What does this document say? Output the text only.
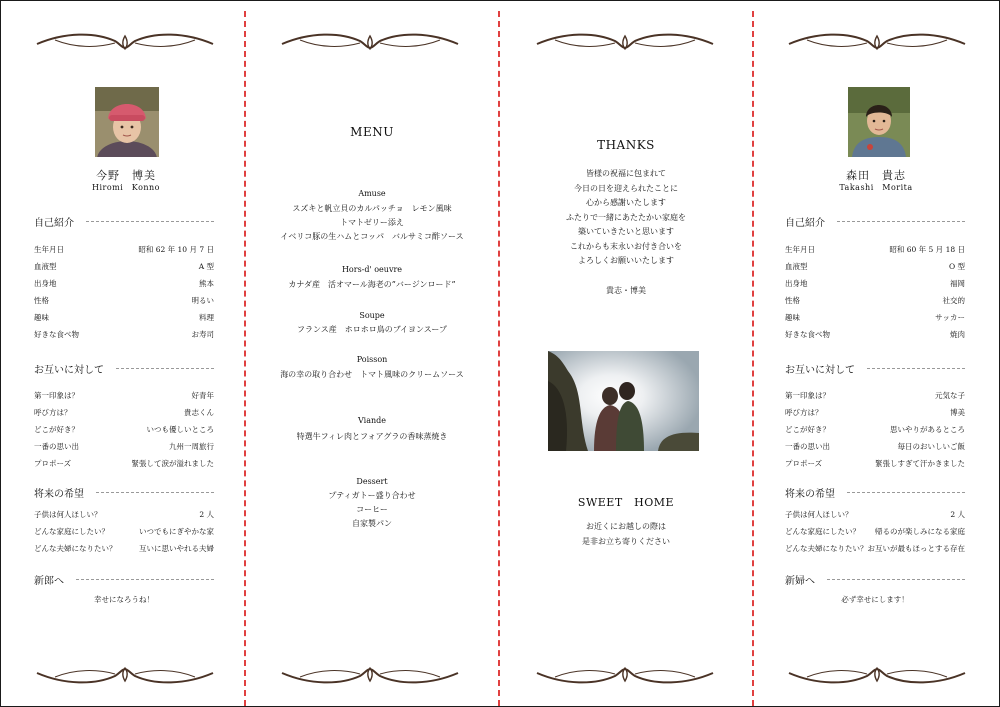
今野　博美
Hiromi　Konno
自己紹介
生年月日	昭和 62 年 10 月 7 日
血液型	A 型
出身地	熊本
性格	明るい
趣味	料理
好きな食べ物	お寿司
お互いに対して
第一印象は？	好青年
呼び方は？	貴志くん
どこが好き？	いつも優しいところ
一番の思い出	九州一周旅行
プロポーズ	緊張して涙が溢れました
将来の希望
子供は何人ほしい？	2 人
どんな家庭にしたい？	いつでもにぎやかな家
どんな夫婦になりたい？	互いに思いやれる夫婦
新郎へ
幸せになろうね！
MENU
Amuse
スズキと帆立貝のカルパッチョ　レモン風味
トマトゼリー添え
イベリコ豚の生ハムとコッパ　バルサミコ酢ソース
Hors-d' oeuvre
カナダ産　活オマール海老の”バージンロード”
Soupe
フランス産　ホロホロ鳥のブイヨンスープ
Poisson
海の幸の取り合わせ　トマト風味のクリームソース
Viande
特選牛フィレ肉とフォアグラの香味蒸焼き
Dessert
プティガトー盛り合わせ
コーヒー
自家製パン
THANKS
皆様の祝福に包まれて
今日の日を迎えられたことに
心から感謝いたします
ふたりで一緒にあたたかい家庭を
築いていきたいと思います
これからも末永いお付き合いを
よろしくお願いいたします
貴志・博美
SWEET　HOME
お近くにお越しの際は
是非お立ち寄りください
森田　貴志
Takashi　Morita
自己紹介
生年月日	昭和 60 年 5 月 18 日
血液型	O 型
出身地	福岡
性格	社交的
趣味	サッカー
好きな食べ物	焼肉
お互いに対して
第一印象は？	元気な子
呼び方は？	博美
どこが好き？	思いやりがあるところ
一番の思い出	毎日のおいしいご飯
プロポーズ	緊張しすぎて汗かきました
将来の希望
子供は何人ほしい？	2 人
どんな家庭にしたい？ 帰るのが楽しみになる家庭
どんな夫婦になりたい？ お互いが最もほっとする存在
新婦へ
必ず幸せにします！
